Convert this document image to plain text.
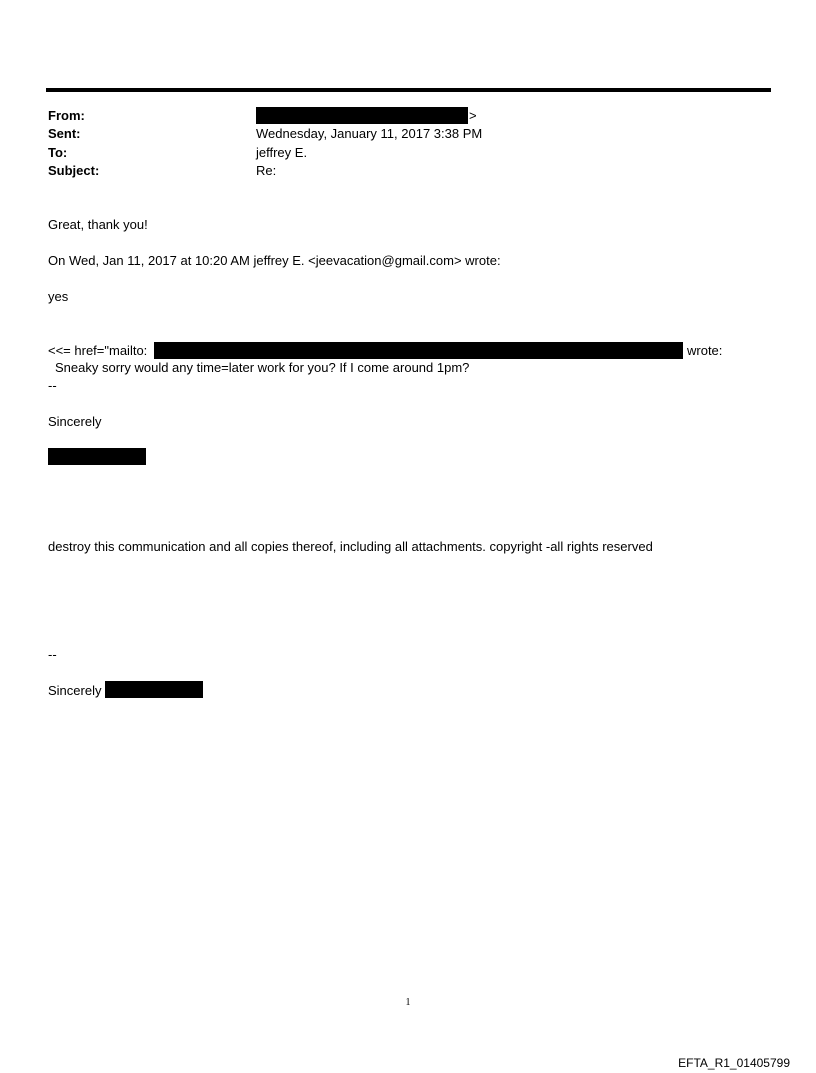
From:	>
Sent:	Wednesday, January 11, 2017 3:38 PM
To:	jeffrey E.
Subject:	Re:
Great, thank you!
On Wed, Jan 11, 2017 at 10:20 AM jeffrey E. <jeevacation@gmail.com> wrote:
yes
<<= href="mailto:	wrote:
Sneaky sorry would any time=later work for you? If I come around 1pm?
--
Sincerely
destroy this communication and all copies thereof, including all attachments. copyright -all rights reserved
--
Sincerely
1
EFTA_R1_01405799
